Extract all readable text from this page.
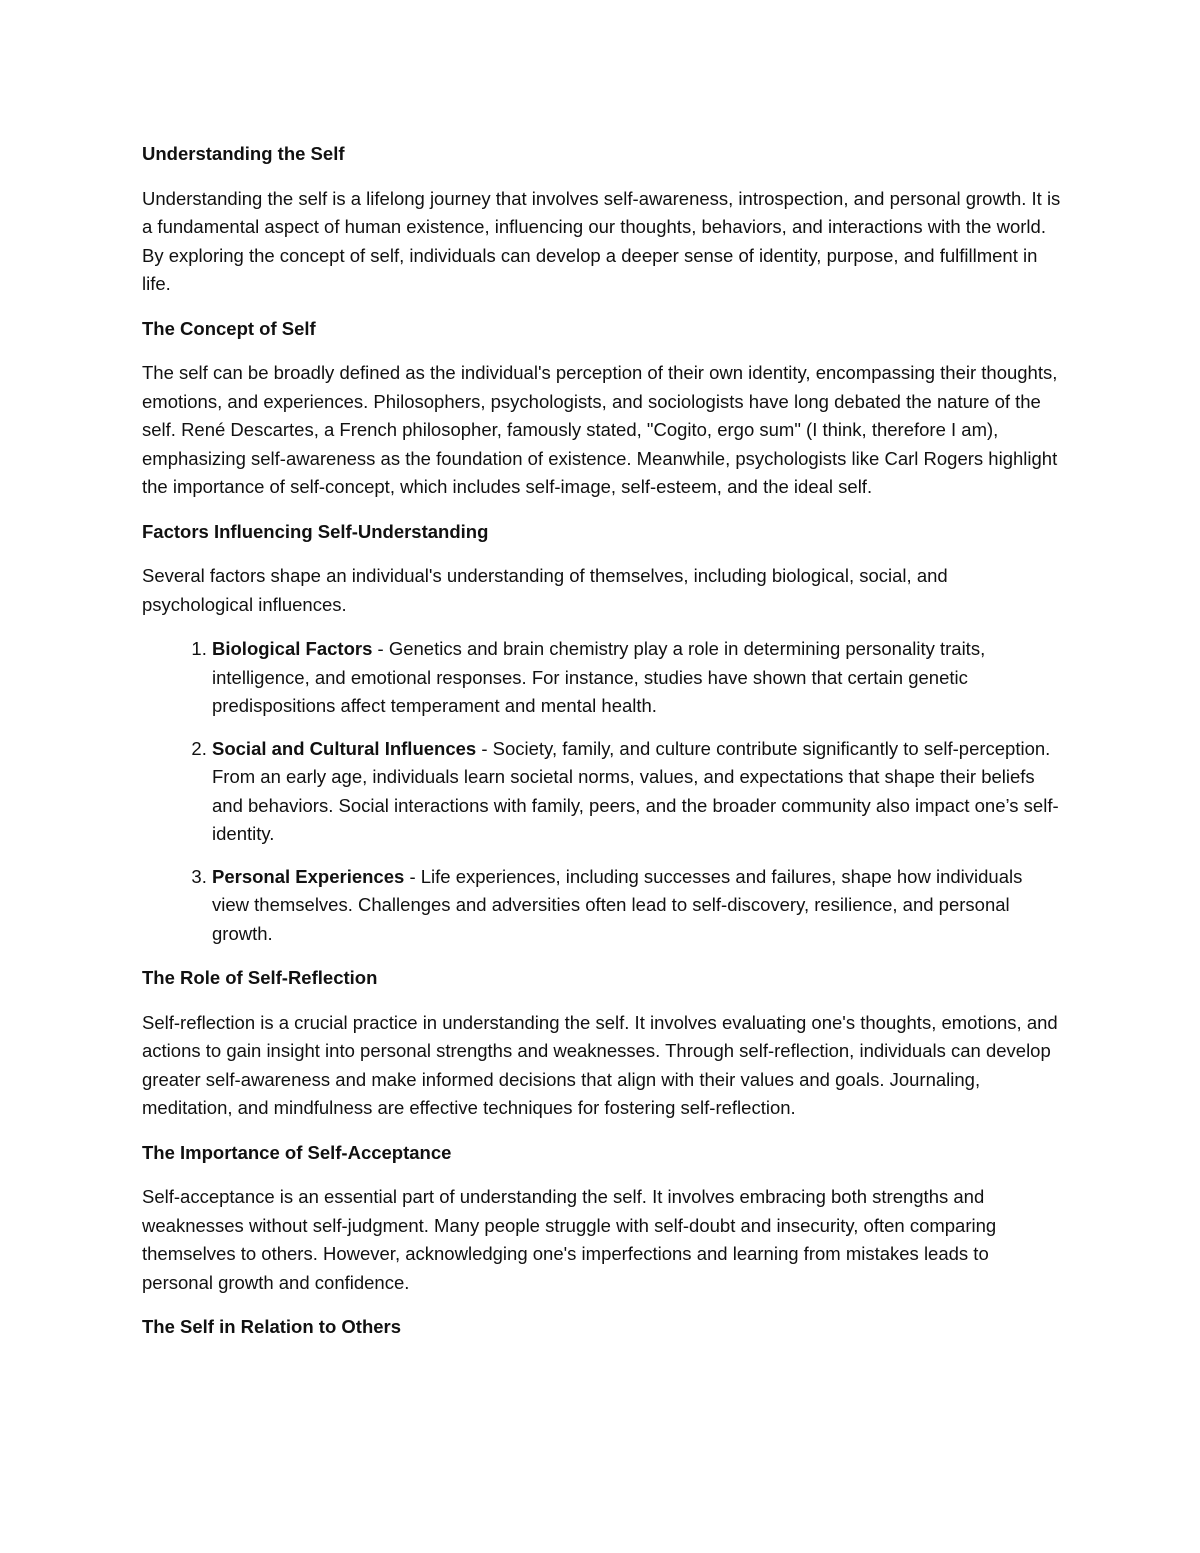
Understanding the Self

Understanding the self is a lifelong journey that involves self-awareness, introspection, and personal growth. It is a fundamental aspect of human existence, influencing our thoughts, behaviors, and interactions with the world. By exploring the concept of self, individuals can develop a deeper sense of identity, purpose, and fulfillment in life.

The Concept of Self

The self can be broadly defined as the individual's perception of their own identity, encompassing their thoughts, emotions, and experiences. Philosophers, psychologists, and sociologists have long debated the nature of the self. René Descartes, a French philosopher, famously stated, "Cogito, ergo sum" (I think, therefore I am), emphasizing self-awareness as the foundation of existence. Meanwhile, psychologists like Carl Rogers highlight the importance of self-concept, which includes self-image, self-esteem, and the ideal self.

Factors Influencing Self-Understanding

Several factors shape an individual's understanding of themselves, including biological, social, and psychological influences.

1. Biological Factors - Genetics and brain chemistry play a role in determining personality traits, intelligence, and emotional responses. For instance, studies have shown that certain genetic predispositions affect temperament and mental health.
2. Social and Cultural Influences - Society, family, and culture contribute significantly to self-perception. From an early age, individuals learn societal norms, values, and expectations that shape their beliefs and behaviors. Social interactions with family, peers, and the broader community also impact one’s self-identity.
3. Personal Experiences - Life experiences, including successes and failures, shape how individuals view themselves. Challenges and adversities often lead to self-discovery, resilience, and personal growth.
The Role of Self-Reflection

Self-reflection is a crucial practice in understanding the self. It involves evaluating one's thoughts, emotions, and actions to gain insight into personal strengths and weaknesses. Through self-reflection, individuals can develop greater self-awareness and make informed decisions that align with their values and goals. Journaling, meditation, and mindfulness are effective techniques for fostering self-reflection.

The Importance of Self-Acceptance

Self-acceptance is an essential part of understanding the self. It involves embracing both strengths and weaknesses without self-judgment. Many people struggle with self-doubt and insecurity, often comparing themselves to others. However, acknowledging one's imperfections and learning from mistakes leads to personal growth and confidence.

The Self in Relation to Others
